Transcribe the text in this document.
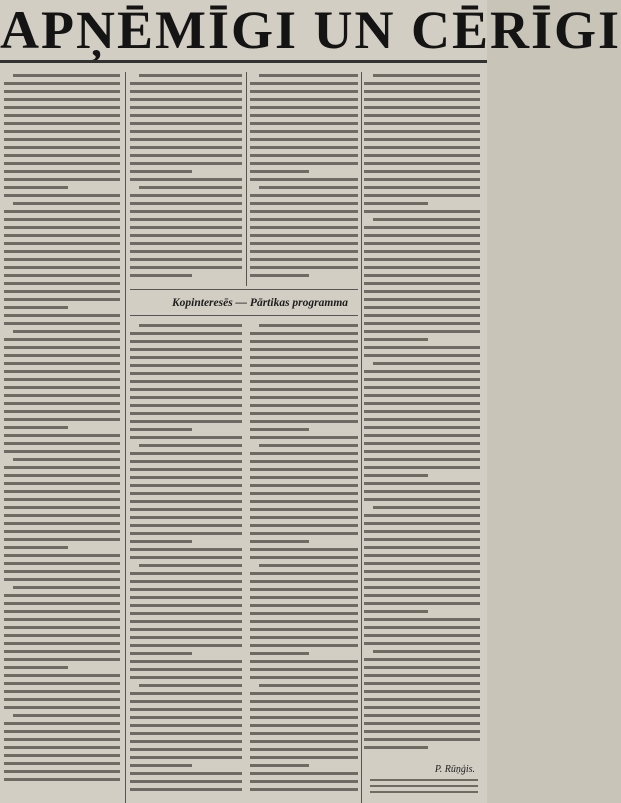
APŅĒMĪGI UN CĒRĪGI

Kopinteresēs — Pārtikas programma

P. Rūņģis.
